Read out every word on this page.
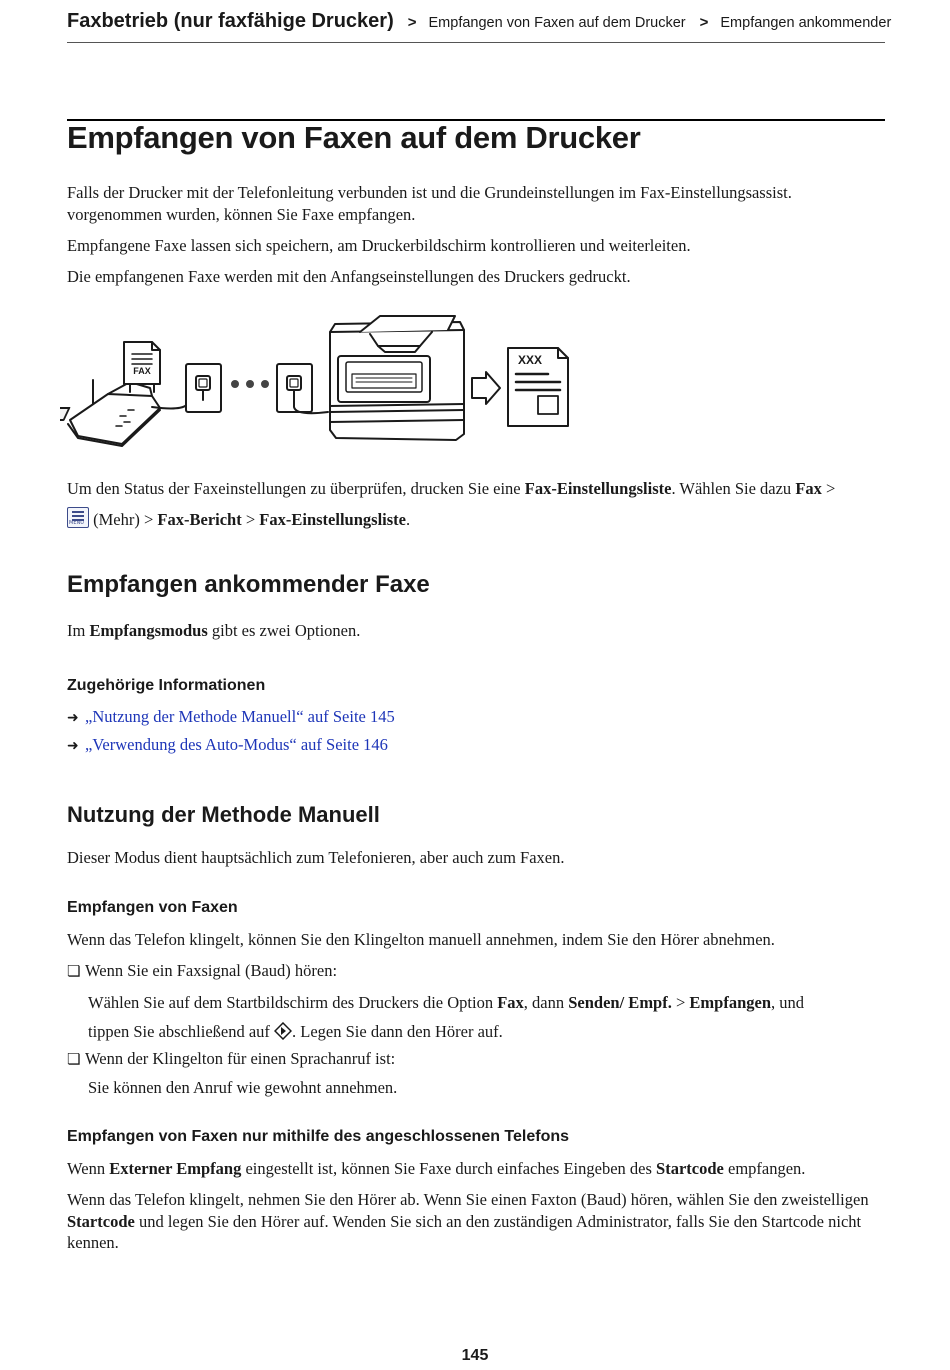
Faxbetrieb (nur faxfähige Drucker) > Empfangen von Faxen auf dem Drucker > Empfangen ankommender
Empfangen von Faxen auf dem Drucker

Falls der Drucker mit der Telefonleitung verbunden ist und die Grundeinstellungen im Fax-Einstellungsassist. vorgenommen wurden, können Sie Faxe empfangen.

Empfangene Faxe lassen sich speichern, am Druckerbildschirm kontrollieren und weiterleiten.

Die empfangenen Faxe werden mit den Anfangseinstellungen des Druckers gedruckt.

FAX
XXX

Um den Status der Faxeinstellungen zu überprüfen, drucken Sie eine Fax-Einstellungsliste. Wählen Sie dazu Fax >

MENU (Mehr) > Fax-Bericht > Fax-Einstellungsliste.

Empfangen ankommender Faxe

Im Empfangsmodus gibt es zwei Optionen.

Zugehörige Informationen

➜ „Nutzung der Methode Manuell“ auf Seite 145

➜ „Verwendung des Auto-Modus“ auf Seite 146

Nutzung der Methode Manuell

Dieser Modus dient hauptsächlich zum Telefonieren, aber auch zum Faxen.

Empfangen von Faxen

Wenn das Telefon klingelt, können Sie den Klingelton manuell annehmen, indem Sie den Hörer abnehmen.

❏ Wenn Sie ein Faxsignal (Baud) hören:

Wählen Sie auf dem Startbildschirm des Druckers die Option Fax, dann Senden/ Empf. > Empfangen, und
tippen Sie abschließend auf . Legen Sie dann den Hörer auf.

❏ Wenn der Klingelton für einen Sprachanruf ist:

Sie können den Anruf wie gewohnt annehmen.

Empfangen von Faxen nur mithilfe des angeschlossenen Telefons

Wenn Externer Empfang eingestellt ist, können Sie Faxe durch einfaches Eingeben des Startcode empfangen.

Wenn das Telefon klingelt, nehmen Sie den Hörer ab. Wenn Sie einen Faxton (Baud) hören, wählen Sie den zweistelligen Startcode und legen Sie den Hörer auf. Wenden Sie sich an den zuständigen Administrator, falls Sie den Startcode nicht kennen.

145
